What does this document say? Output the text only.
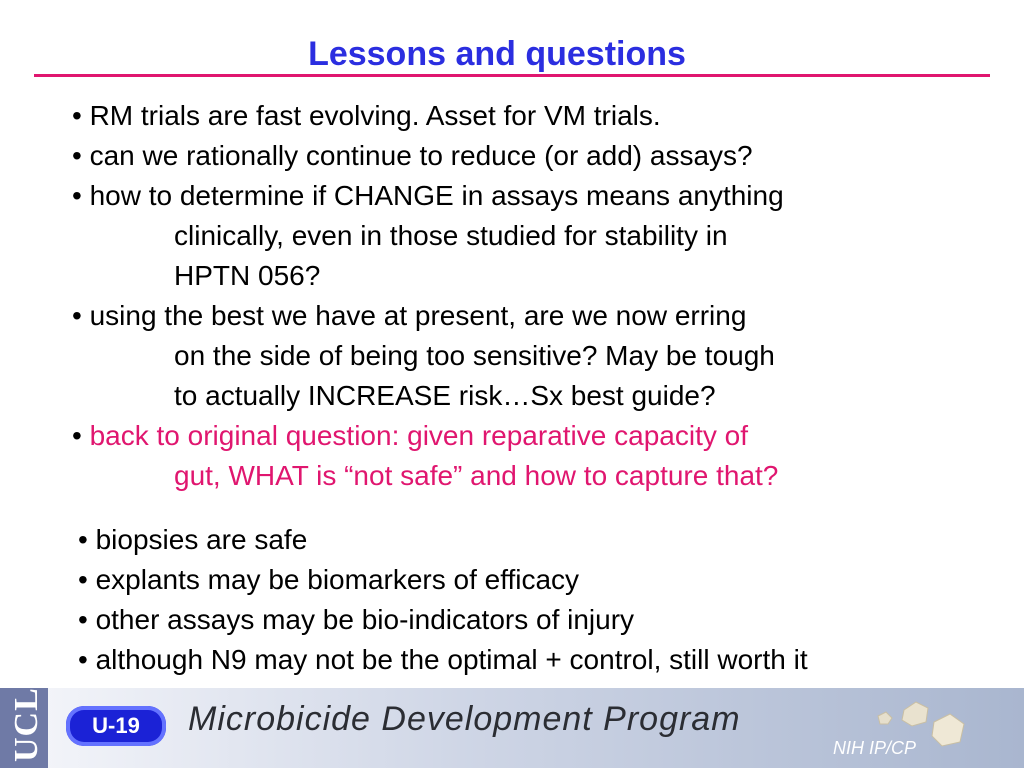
Lessons and questions
• RM trials are fast evolving. Asset for VM trials.
• can we rationally continue to reduce (or add) assays?
• how to determine if CHANGE in assays means anything
clinically, even in those studied for stability in
HPTN 056?
• using the best we have at present, are we now erring
on the side of being too sensitive? May be tough
to actually INCREASE risk…Sx best guide?
• back to original question: given reparative capacity of
gut, WHAT is “not safe” and how to capture that?
• biopsies are safe
• explants may be biomarkers of efficacy
• other assays may be bio-indicators of injury
• although N9 may not be the optimal + control, still worth it
UCLA	U-19	Microbicide Development Program
NIH IP/CP
